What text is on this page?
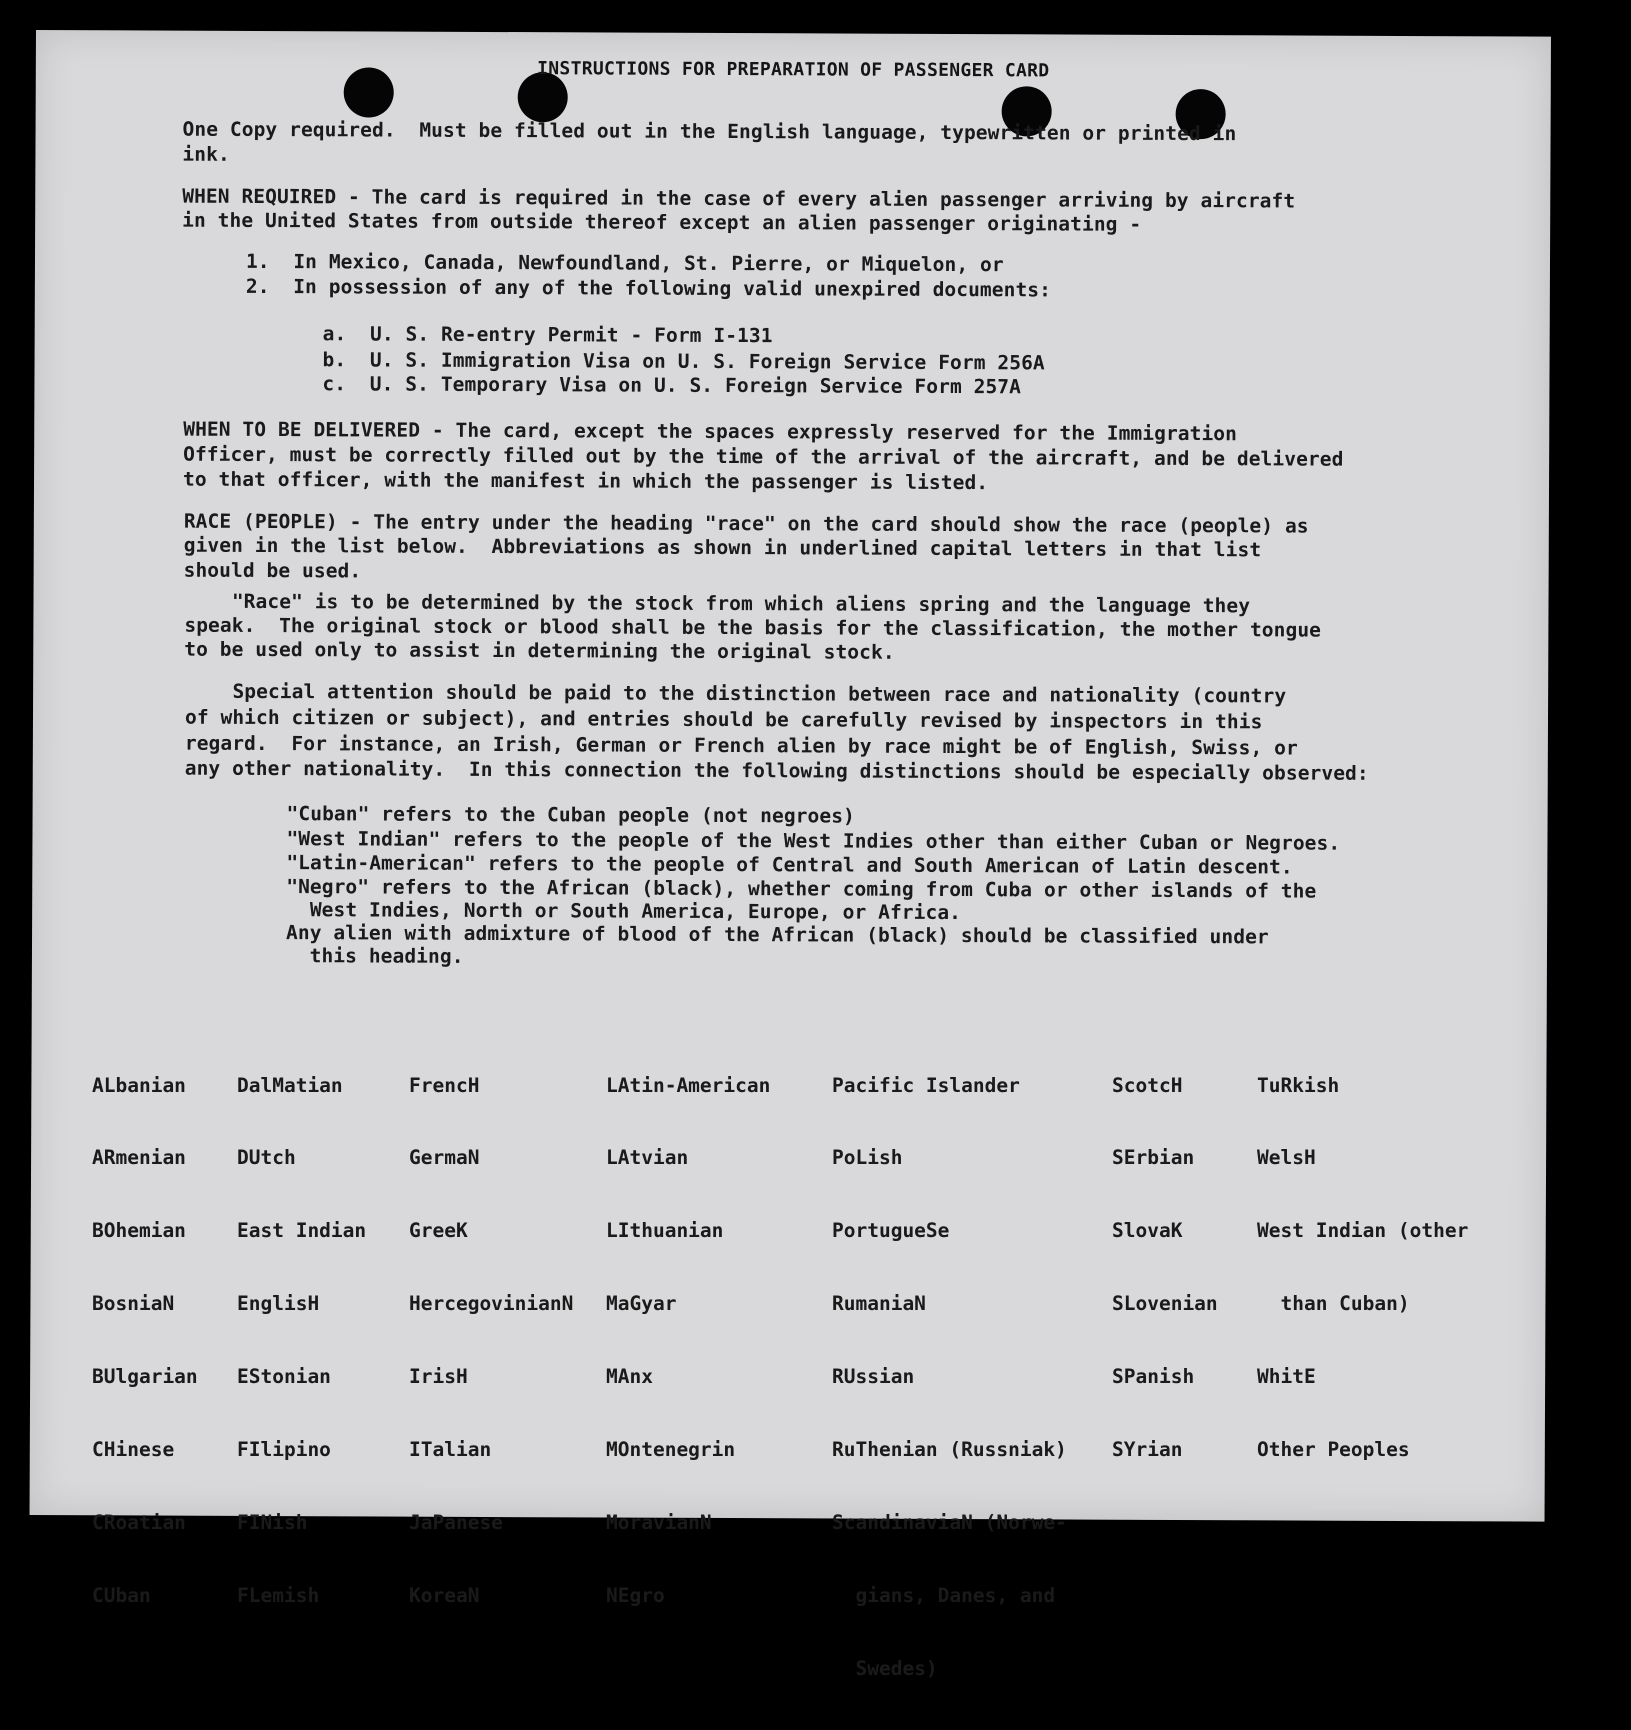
INSTRUCTIONS FOR PREPARATION OF PASSENGER CARD
One Copy required.  Must be filled out in the English language, typewritten or printed in
ink.
WHEN REQUIRED - The card is required in the case of every alien passenger arriving by aircraft
in the United States from outside thereof except an alien passenger originating -
1.  In Mexico, Canada, Newfoundland, St. Pierre, or Miquelon, or
2.  In possession of any of the following valid unexpired documents:
a.  U. S. Re-entry Permit - Form I-131
b.  U. S. Immigration Visa on U. S. Foreign Service Form 256A
c.  U. S. Temporary Visa on U. S. Foreign Service Form 257A
WHEN TO BE DELIVERED - The card, except the spaces expressly reserved for the Immigration
Officer, must be correctly filled out by the time of the arrival of the aircraft, and be delivered
to that officer, with the manifest in which the passenger is listed.
RACE (PEOPLE) - The entry under the heading "race" on the card should show the race (people) as
given in the list below.  Abbreviations as shown in underlined capital letters in that list
should be used.
"Race" is to be determined by the stock from which aliens spring and the language they
speak.  The original stock or blood shall be the basis for the classification, the mother tongue
to be used only to assist in determining the original stock.
Special attention should be paid to the distinction between race and nationality (country
of which citizen or subject), and entries should be carefully revised by inspectors in this
regard.  For instance, an Irish, German or French alien by race might be of English, Swiss, or
any other nationality.  In this connection the following distinctions should be especially observed:
"Cuban" refers to the Cuban people (not negroes)
"West Indian" refers to the people of the West Indies other than either Cuban or Negroes.
"Latin-American" refers to the people of Central and South American of Latin descent.
"Negro" refers to the African (black), whether coming from Cuba or other islands of the
West Indies, North or South America, Europe, or Africa.
Any alien with admixture of blood of the African (black) should be classified under
this heading.

ALbanian

ARmenian

BOhemian

BosniaN

BUlgarian

CHinese

CRoatian

CUban

DalMatian

DUtch

East Indian

EnglisH

EStonian

FIlipino

FINish

FLemish

FrencH

GermaN

GreeK

HercegovinianN

IrisH

ITalian

JaPanese

KoreaN

LAtin-American

LAtvian

LIthuanian

MaGyar

MAnx

MOntenegrin

MoravianN

NEgro

Pacific Islander

PoLish

PortugueSe

RumaniaN

RUssian

RuThenian (Russniak)

ScandinaviaN (Norwe-

gians, Danes, and

Swedes)

ScotcH

SErbian

SlovaK

SLovenian

SPanish

SYrian

TuRkish

WelsH

West Indian (other

than Cuban)

WhitE

Other Peoples
